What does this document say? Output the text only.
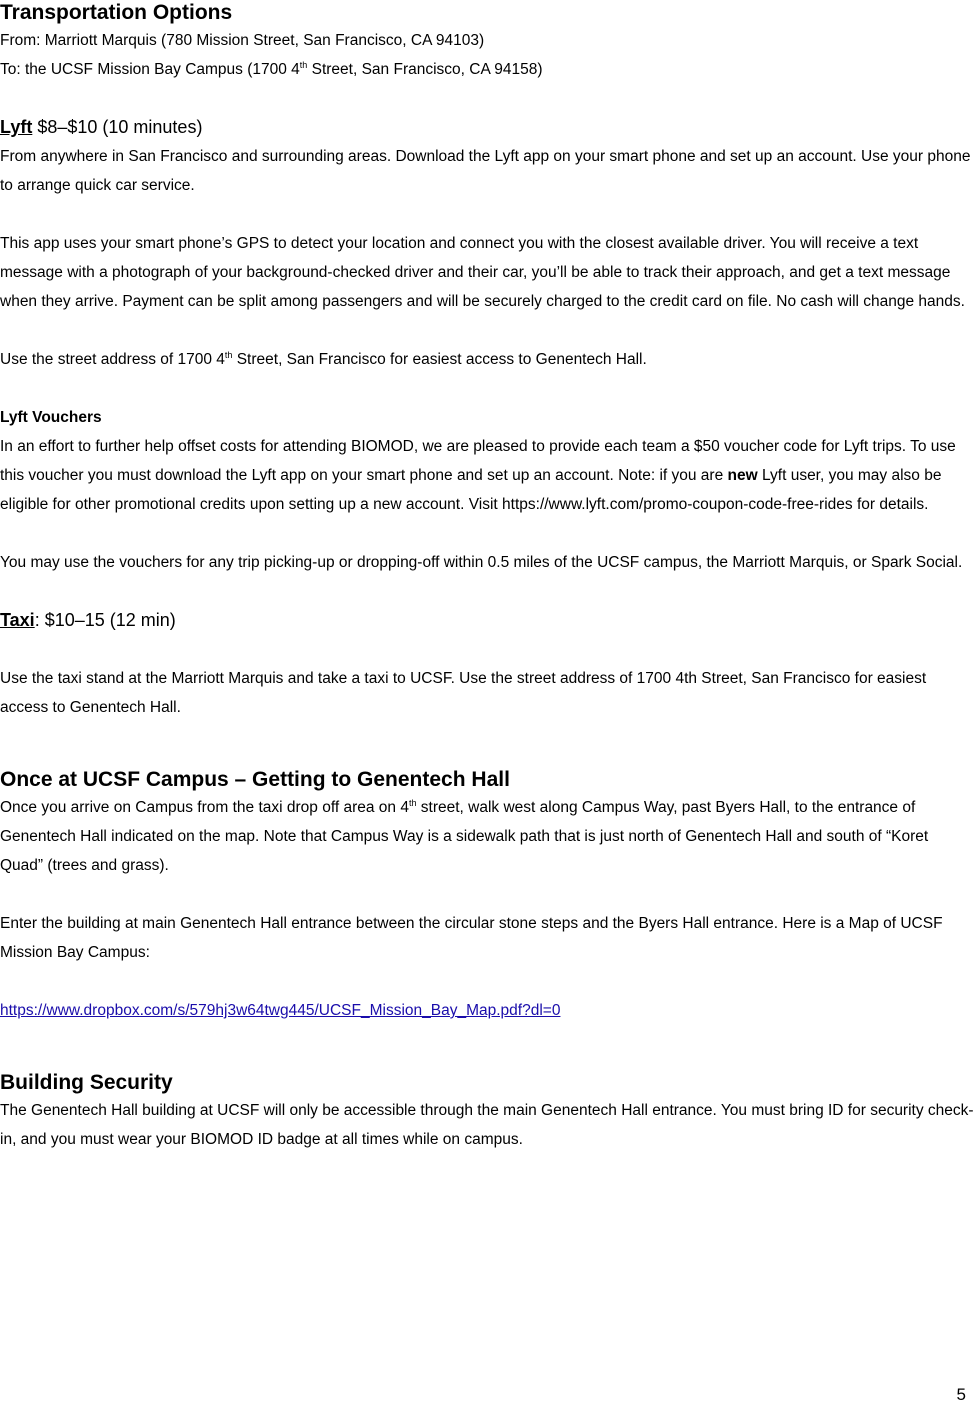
Transportation Options

From: Marriott Marquis (780 Mission Street, San Francisco, CA 94103)

To: the UCSF Mission Bay Campus (1700 4th Street, San Francisco, CA 94158)

Lyft $8–$10 (10 minutes)

From anywhere in San Francisco and surrounding areas. Download the Lyft app on your smart phone and set up an account. Use your phone to arrange quick car service.

This app uses your smart phone’s GPS to detect your location and connect you with the closest available driver. You will receive a text message with a photograph of your background-checked driver and their car, you’ll be able to track their approach, and get a text message when they arrive. Payment can be split among passengers and will be securely charged to the credit card on file. No cash will change hands.

Use the street address of 1700 4th Street, San Francisco for easiest access to Genentech Hall.

Lyft Vouchers

In an effort to further help offset costs for attending BIOMOD, we are pleased to provide each team a $50 voucher code for Lyft trips. To use this voucher you must download the Lyft app on your smart phone and set up an account. Note: if you are new Lyft user, you may also be eligible for other promotional credits upon setting up a new account. Visit https://www.lyft.com/promo-coupon-code-free-rides for details.

You may use the vouchers for any trip picking-up or dropping-off within 0.5 miles of the UCSF campus, the Marriott Marquis, or Spark Social.

Taxi: $10–15 (12 min)

Use the taxi stand at the Marriott Marquis and take a taxi to UCSF. Use the street address of 1700 4th Street, San Francisco for easiest access to Genentech Hall.

Once at UCSF Campus – Getting to Genentech Hall

Once you arrive on Campus from the taxi drop off area on 4th street, walk west along Campus Way, past Byers Hall, to the entrance of Genentech Hall indicated on the map. Note that Campus Way is a sidewalk path that is just north of Genentech Hall and south of “Koret Quad” (trees and grass).

Enter the building at main Genentech Hall entrance between the circular stone steps and the Byers Hall entrance. Here is a Map of UCSF Mission Bay Campus:

https://www.dropbox.com/s/579hj3w64twg445/UCSF_Mission_Bay_Map.pdf?dl=0

Building Security

The Genentech Hall building at UCSF will only be accessible through the main Genentech Hall entrance. You must bring ID for security check-in, and you must wear your BIOMOD ID badge at all times while on campus.

5
